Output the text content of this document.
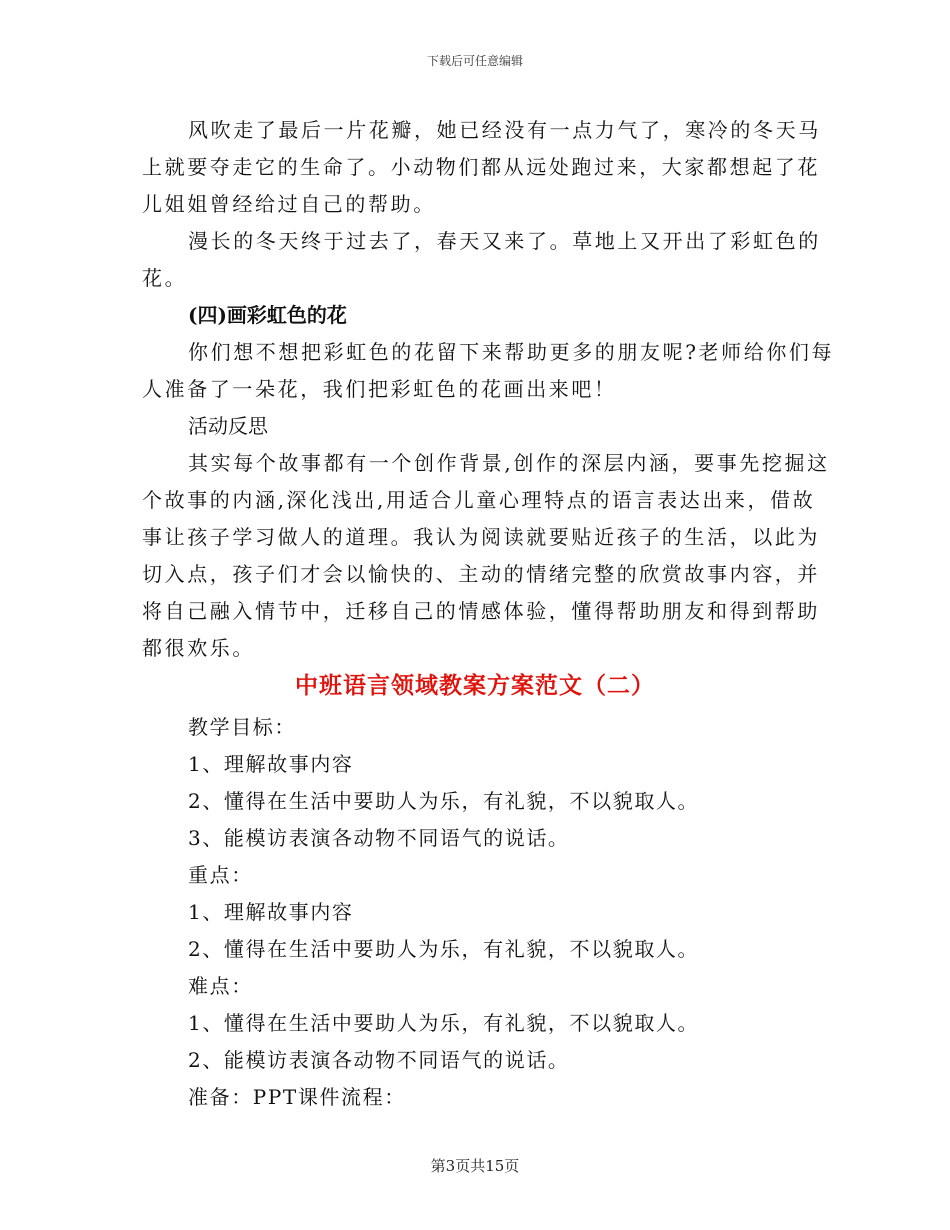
下载后可任意编辑
风吹走了最后一片花瓣，她已经没有一点力气了，寒冷的冬天马
上就要夺走它的生命了。小动物们都从远处跑过来，大家都想起了花
儿姐姐曾经给过自己的帮助。
漫长的冬天终于过去了，春天又来了。草地上又开出了彩虹色的
花。
(四)画彩虹色的花
你们想不想把彩虹色的花留下来帮助更多的朋友呢?老师给你们每
人准备了一朵花，我们把彩虹色的花画出来吧！
活动反思
其实每个故事都有一个创作背景,创作的深层内涵，要事先挖掘这
个故事的内涵,深化浅出,用适合儿童心理特点的语言表达出来，借故
事让孩子学习做人的道理。我认为阅读就要贴近孩子的生活，以此为
切入点，孩子们才会以愉快的、主动的情绪完整的欣赏故事内容，并
将自己融入情节中，迁移自己的情感体验，懂得帮助朋友和得到帮助
都很欢乐。
中班语言领域教案方案范文（二）
教学目标：
1、理解故事内容
2、懂得在生活中要助人为乐，有礼貌，不以貌取人。
3、能模访表演各动物不同语气的说话。
重点：
1、理解故事内容
2、懂得在生活中要助人为乐，有礼貌，不以貌取人。
难点：
1、懂得在生活中要助人为乐，有礼貌，不以貌取人。
2、能模访表演各动物不同语气的说话。
准备：PPT课件流程：
第3页共15页
